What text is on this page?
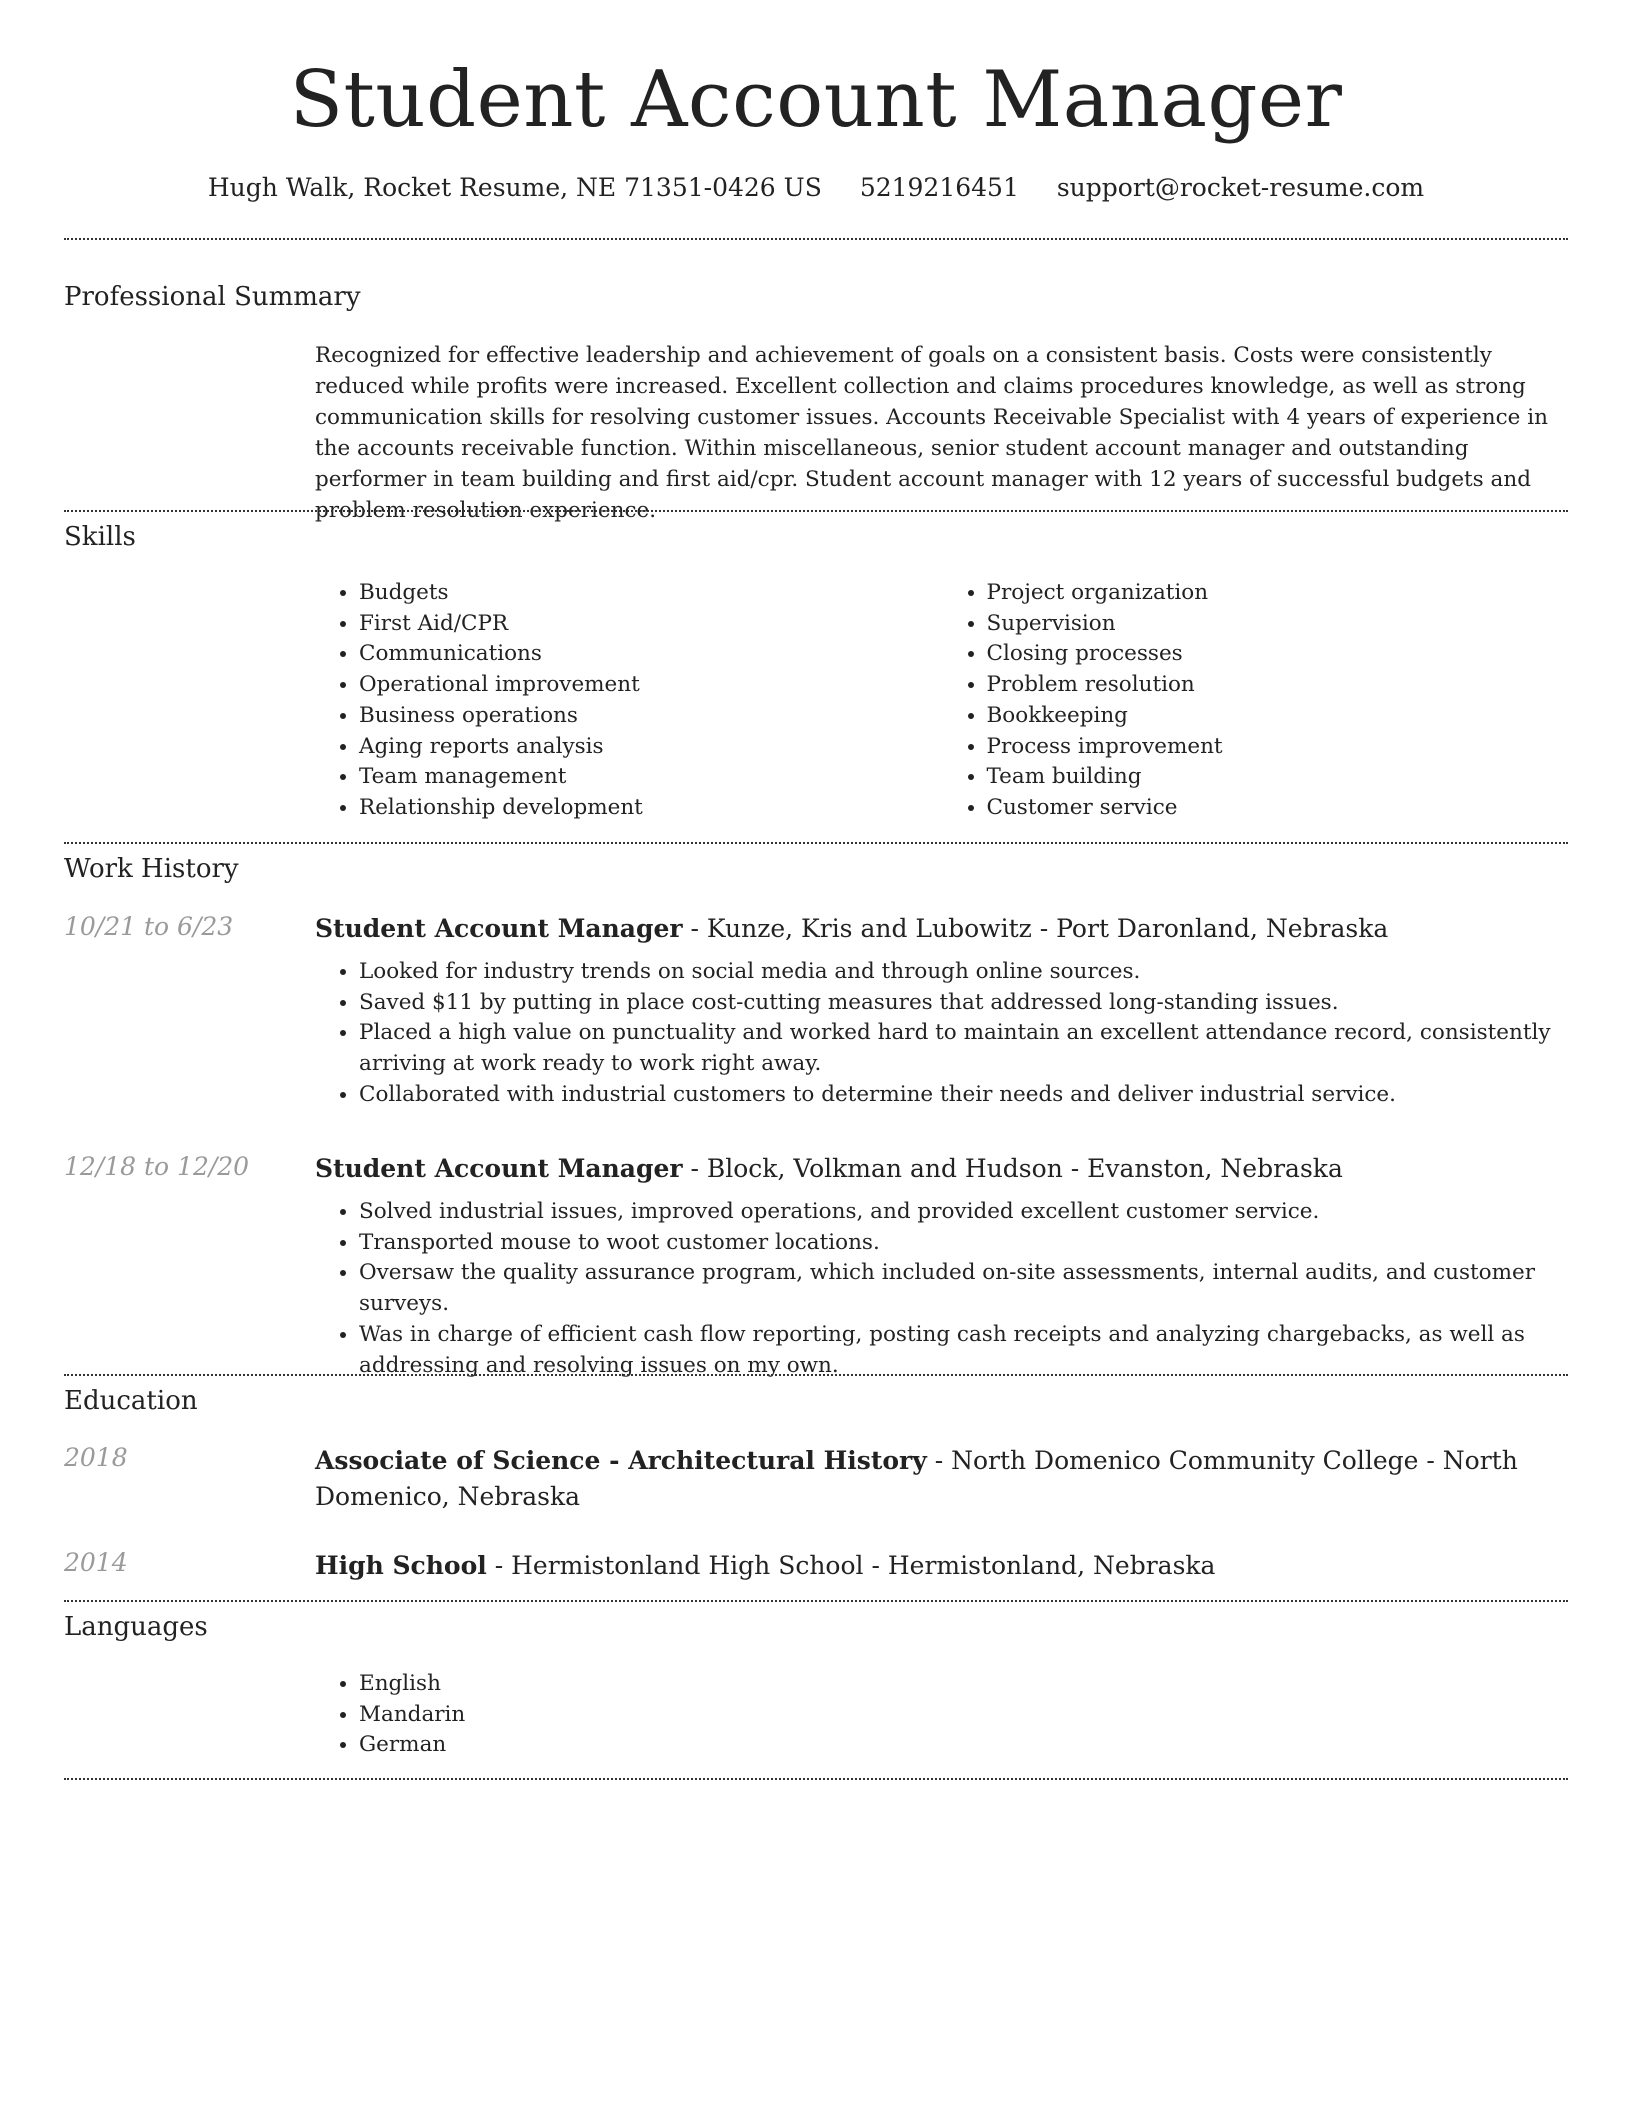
Student Account Manager
Hugh Walk, Rocket Resume, NE 71351-0426 US 5219216451 support@rocket-resume.com
Professional Summary

Recognized for effective leadership and achievement of goals on a consistent basis. Costs were consistently reduced while profits were increased. Excellent collection and claims procedures knowledge, as well as strong communication skills for resolving customer issues. Accounts Receivable Specialist with 4 years of experience in the accounts receivable function. Within miscellaneous, senior student account manager and outstanding performer in team building and first aid/cpr. Student account manager with 12 years of successful budgets and problem resolution experience.

Skills
• Budgets
• First Aid/CPR
• Communications
• Operational improvement
• Business operations
• Aging reports analysis
• Team management
• Relationship development
• Project organization
• Supervision
• Closing processes
• Problem resolution
• Bookkeeping
• Process improvement
• Team building
• Customer service
Work History
10/21 to 6/23	Student Account Manager - Kunze, Kris and Lubowitz - Port Daronland, Nebraska

• Looked for industry trends on social media and through online sources.
• Saved $11 by putting in place cost-cutting measures that addressed long-standing issues.
• Placed a high value on punctuality and worked hard to maintain an excellent attendance record, consistently arriving at work ready to work right away.
• Collaborated with industrial customers to determine their needs and deliver industrial service.
12/18 to 12/20	Student Account Manager - Block, Volkman and Hudson - Evanston, Nebraska

• Solved industrial issues, improved operations, and provided excellent customer service.
• Transported mouse to woot customer locations.
• Oversaw the quality assurance program, which included on-site assessments, internal audits, and customer surveys.
• Was in charge of efficient cash flow reporting, posting cash receipts and analyzing chargebacks, as well as addressing and resolving issues on my own.
Education
2018	Associate of Science - Architectural History - North Domenico Community College - North Domenico, Nebraska

2014	High School - Hermistonland High School - Hermistonland, Nebraska

Languages
• English
• Mandarin
• German
